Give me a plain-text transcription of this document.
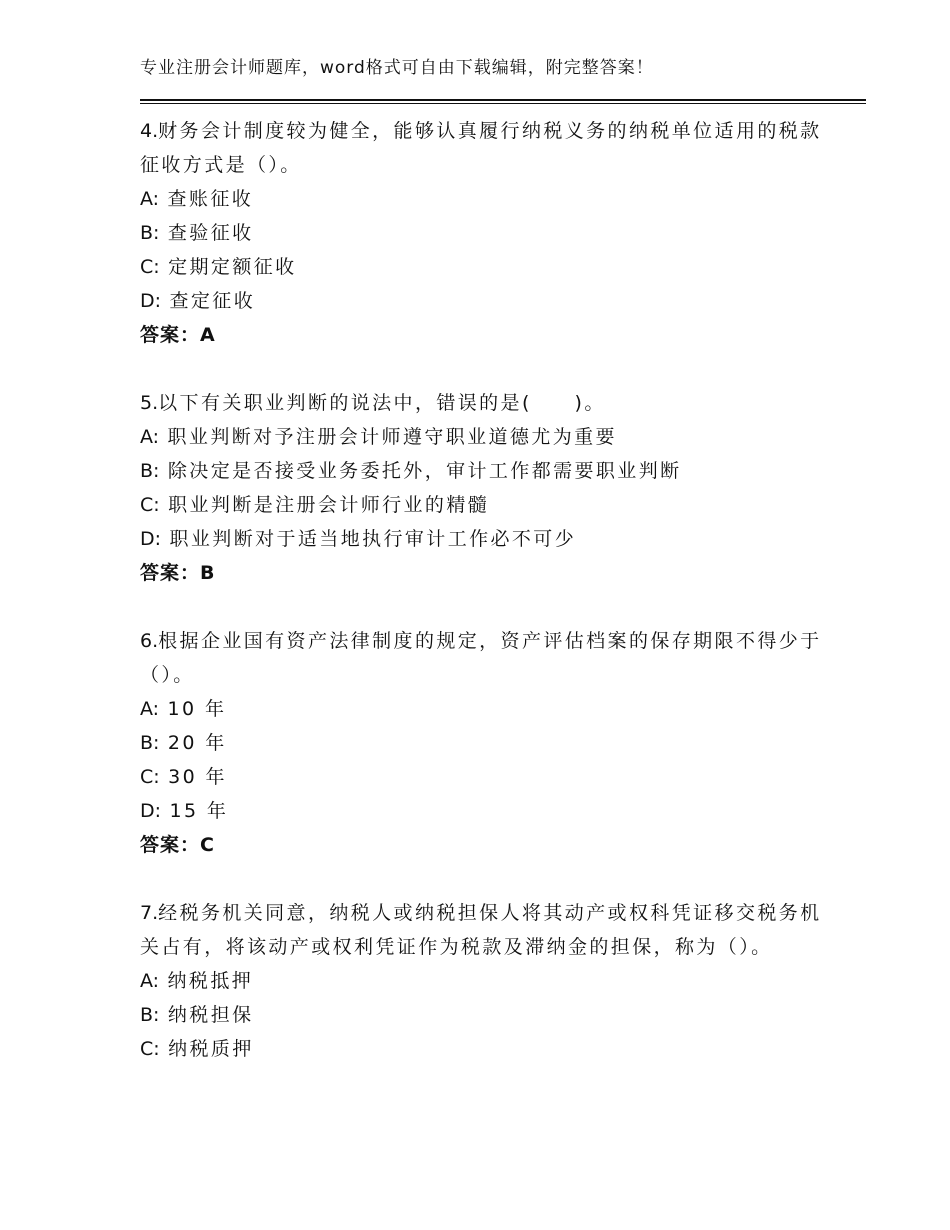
专业注册会计师题库，word格式可自由下载编辑，附完整答案！

4.财务会计制度较为健全，能够认真履行纳税义务的纳税单位适用的税款征收方式是（）。

A: 查账征收

B: 查验征收

C: 定期定额征收

D: 查定征收

答案：A

5.以下有关职业判断的说法中，错误的是(　　)。

A: 职业判断对予注册会计师遵守职业道德尤为重要

B: 除决定是否接受业务委托外，审计工作都需要职业判断

C: 职业判断是注册会计师行业的精髓

D: 职业判断对于适当地执行审计工作必不可少

答案：B

6.根据企业国有资产法律制度的规定，资产评估档案的保存期限不得少于（）。

A: 10 年

B: 20 年

C: 30 年

D: 15 年

答案：C

7.经税务机关同意，纳税人或纳税担保人将其动产或权科凭证移交税务机关占有，将该动产或权利凭证作为税款及滞纳金的担保，称为（）。

A: 纳税抵押

B: 纳税担保

C: 纳税质押
